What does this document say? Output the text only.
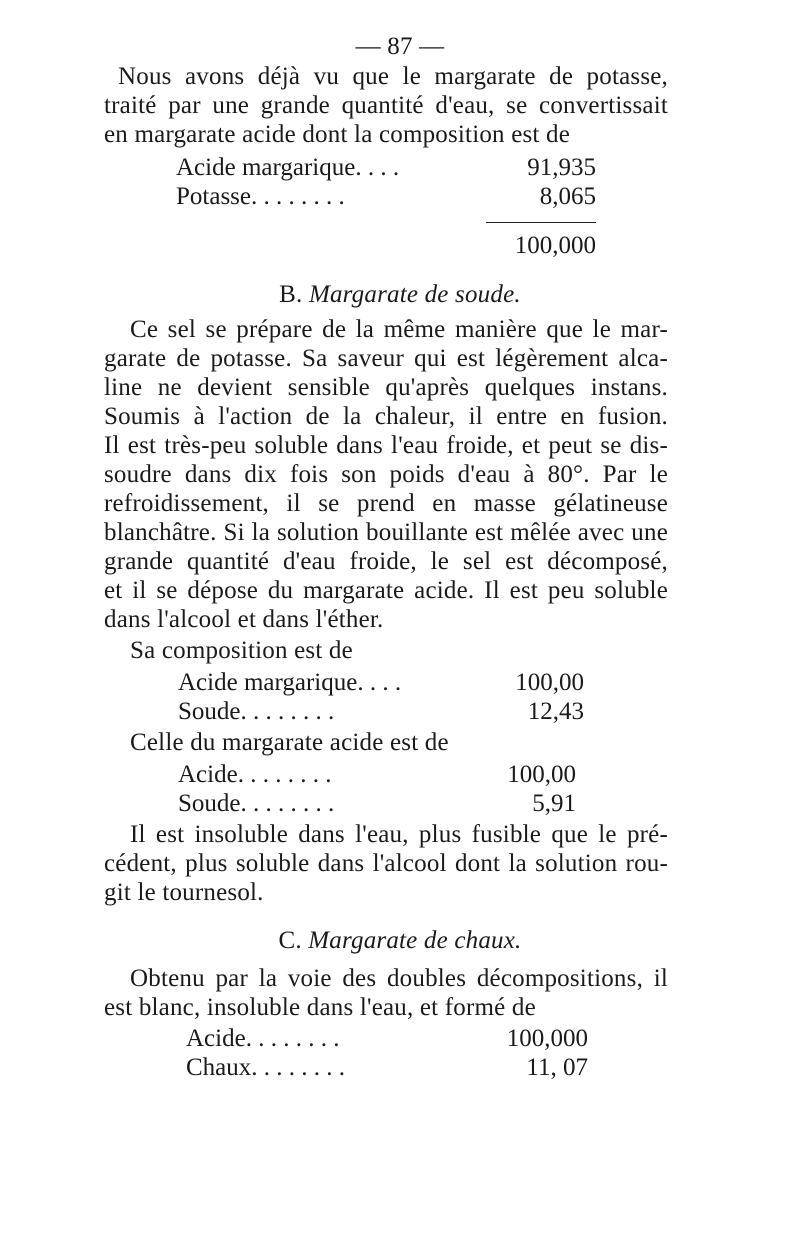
— 87 —
Nous avons déjà vu que le margarate de potasse,
traité par une grande quantité d'eau, se convertissait
en margarate acide dont la composition est de
Acide margarique. . . .	91,935
Potasse. . . . . . . .	8,065
100,000
B. Margarate de soude.
Ce sel se prépare de la même manière que le mar-
garate de potasse. Sa saveur qui est légèrement alca-
line ne devient sensible qu'après quelques instans.
Soumis à l'action de la chaleur, il entre en fusion.
Il est très-peu soluble dans l'eau froide, et peut se dis-
soudre dans dix fois son poids d'eau à 80°. Par le
refroidissement, il se prend en masse gélatineuse
blanchâtre. Si la solution bouillante est mêlée avec une
grande quantité d'eau froide, le sel est décomposé,
et il se dépose du margarate acide. Il est peu soluble
dans l'alcool et dans l'éther.
Sa composition est de
Acide margarique. . . .	100,00
Soude. . . . . . . .	12,43
Celle du margarate acide est de
Acide. . . . . . . .	100,00
Soude. . . . . . . .	5,91
Il est insoluble dans l'eau, plus fusible que le pré-
cédent, plus soluble dans l'alcool dont la solution rou-
git le tournesol.
C. Margarate de chaux.
Obtenu par la voie des doubles décompositions, il
est blanc, insoluble dans l'eau, et formé de
Acide. . . . . . . .	100,000
Chaux. . . . . . . .	11, 07
